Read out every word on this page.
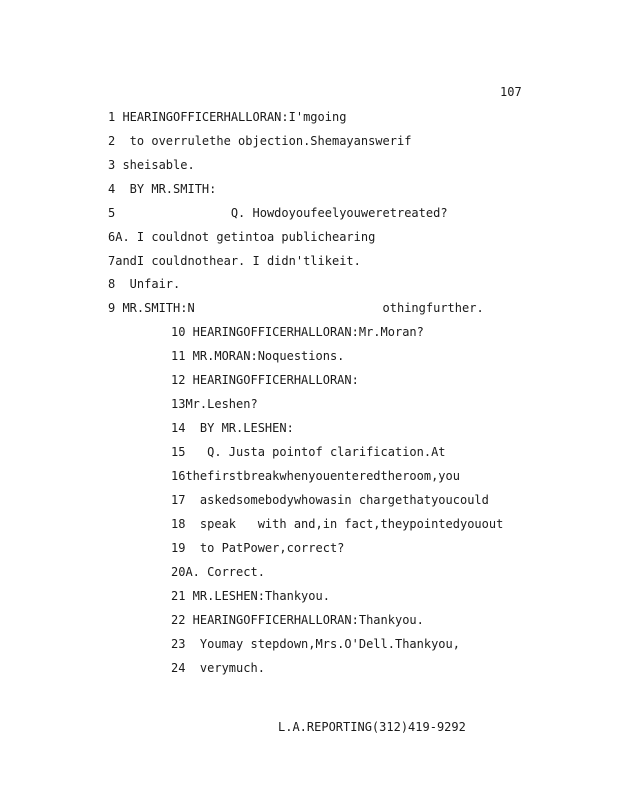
107
1 HEARINGOFFICERHALLORAN:I'mgoing
2  to overrulethe objection.Shemayanswerif
3 sheisable.
4  BY MR.SMITH:
5                Q. Howdoyoufeelyouweretreated?
6A. I couldnot getintoa publichearing
7andI couldnothear. I didn'tlikeit.
8  Unfair.
9 MR.SMITH:N                          othingfurther.
10 HEARINGOFFICERHALLORAN:Mr.Moran?
11 MR.MORAN:Noquestions.
12 HEARINGOFFICERHALLORAN:
13Mr.Leshen?
14  BY MR.LESHEN:
15   Q. Justa pointof clarification.At
16thefirstbreakwhenyouenteredtheroom,you
17  askedsomebodywhowasin chargethatyoucould
18  speak   with and,in fact,theypointedyouout
19  to PatPower,correct?
20A. Correct.
21 MR.LESHEN:Thankyou.
22 HEARINGOFFICERHALLORAN:Thankyou.
23  Youmay stepdown,Mrs.O'Dell.Thankyou,
24  verymuch.
L.A.REPORTING(312)419-9292
